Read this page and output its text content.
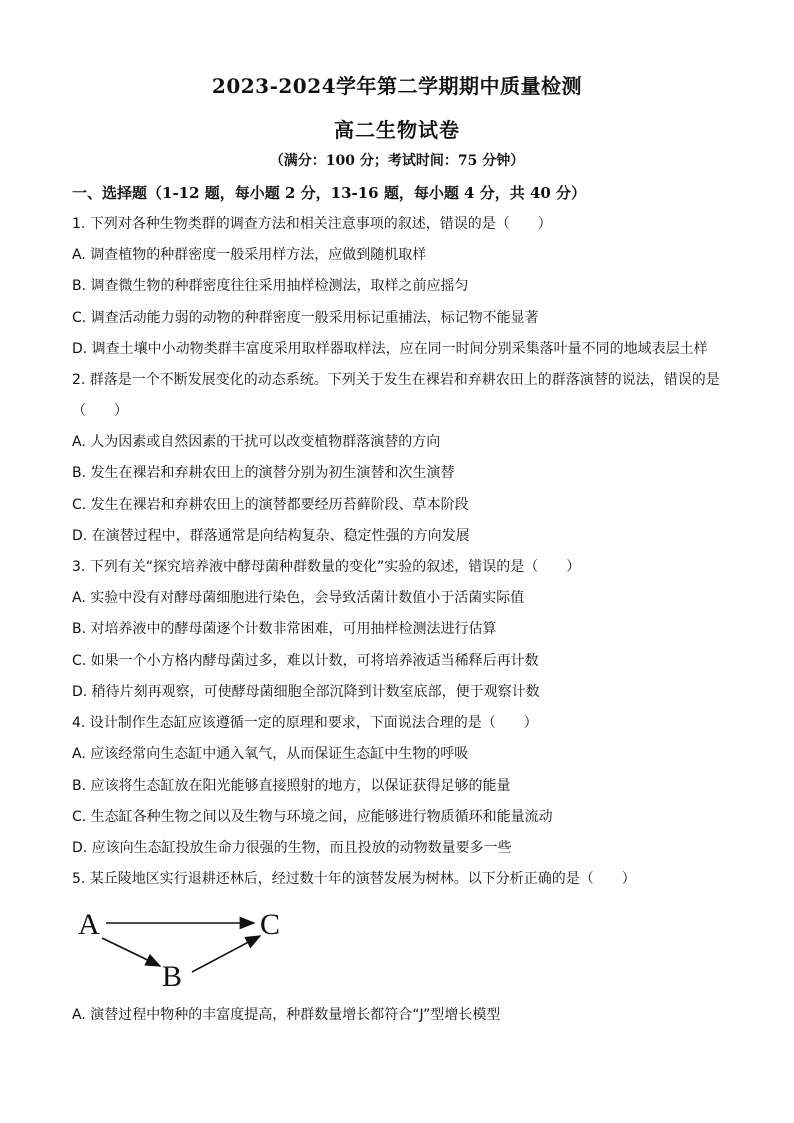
2023-2024学年第二学期期中质量检测
高二生物试卷
（满分：100 分；考试时间：75 分钟）
一、选择题（1-12 题，每小题 2 分，13-16 题，每小题 4 分，共 40 分）
1. 下列对各种生物类群的调查方法和相关注意事项的叙述，错误的是（　　）
A. 调查植物的种群密度一般采用样方法，应做到随机取样
B. 调查微生物的种群密度往往采用抽样检测法，取样之前应摇匀
C. 调查活动能力弱的动物的种群密度一般采用标记重捕法，标记物不能显著
D. 调查土壤中小动物类群丰富度采用取样器取样法，应在同一时间分别采集落叶量不同的地域表层土样
2. 群落是一个不断发展变化的动态系统。下列关于发生在裸岩和弃耕农田上的群落演替的说法，错误的是
（　　）
A. 人为因素或自然因素的干扰可以改变植物群落演替的方向
B. 发生在裸岩和弃耕农田上的演替分别为初生演替和次生演替
C. 发生在裸岩和弃耕农田上的演替都要经历苔藓阶段、草本阶段
D. 在演替过程中，群落通常是向结构复杂、稳定性强的方向发展
3. 下列有关“探究培养液中酵母菌种群数量的变化”实验的叙述，错误的是（　　）
A. 实验中没有对酵母菌细胞进行染色，会导致活菌计数值小于活菌实际值
B. 对培养液中的酵母菌逐个计数非常困难，可用抽样检测法进行估算
C. 如果一个小方格内酵母菌过多，难以计数，可将培养液适当稀释后再计数
D. 稍待片刻再观察，可使酵母菌细胞全部沉降到计数室底部，便于观察计数
4. 设计制作生态缸应该遵循一定的原理和要求，下面说法合理的是（　　）
A. 应该经常向生态缸中通入氧气，从而保证生态缸中生物的呼吸
B. 应该将生态缸放在阳光能够直接照射的地方，以保证获得足够的能量
C. 生态缸各种生物之间以及生物与环境之间，应能够进行物质循环和能量流动
D. 应该向生态缸投放生命力很强的生物，而且投放的动物数量要多一些
5. 某丘陵地区实行退耕还林后，经过数十年的演替发展为树林。以下分析正确的是（　　）
A	C
B
A. 演替过程中物种的丰富度提高，种群数量增长都符合“J”型增长模型
